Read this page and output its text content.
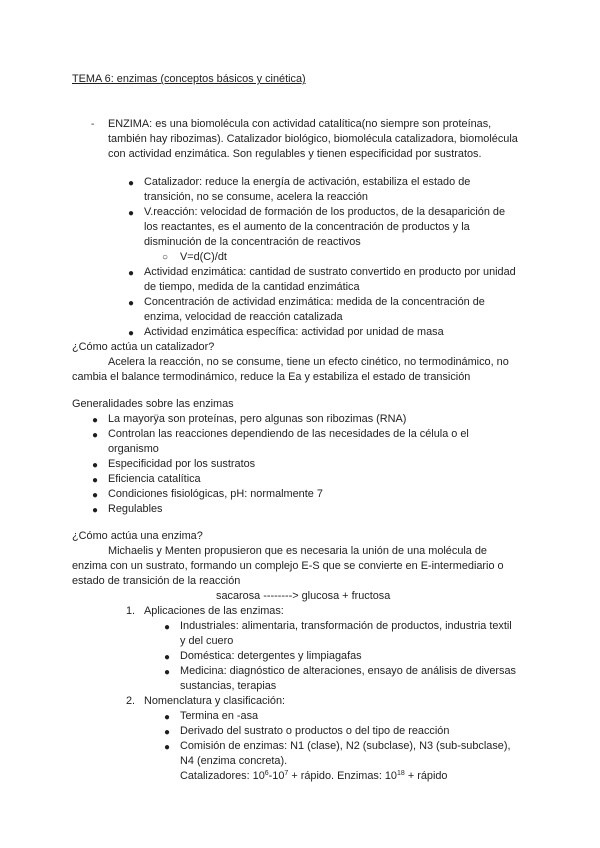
TEMA 6: enzimas (conceptos básicos y cinética)
- ENZIMA: es una biomolécula con actividad catalítica(no siempre son proteínas,
también hay ribozimas). Catalizador biológico, biomolécula catalizadora, biomolécula
con actividad enzimática. Son regulables y tienen especificidad por sustratos.
● Catalizador: reduce la energía de activación, estabiliza el estado de
transición, no se consume, acelera la reacción
● V.reacción: velocidad de formación de los productos, de la desaparición de
los reactantes, es el aumento de la concentración de productos y la
disminución de la concentración de reactivos
○ V=d(C)/dt
● Actividad enzimática: cantidad de sustrato convertido en producto por unidad
de tiempo, medida de la cantidad enzimática
● Concentración de actividad enzimática: medida de la concentración de
enzima, velocidad de reacción catalizada
● Actividad enzimática específica: actividad por unidad de masa
¿Cómo actúa un catalizador?
Acelera la reacción, no se consume, tiene un efecto cinético, no termodinámico, no
cambia el balance termodinámico, reduce la Ea y estabiliza el estado de transición
Generalidades sobre las enzimas
● La mayorÿa son proteínas, pero algunas son ribozimas (RNA)
● Controlan las reacciones dependiendo de las necesidades de la célula o el
organismo
● Especificidad por los sustratos
● Eficiencia catalítica
● Condiciones fisiológicas, pH: normalmente 7
● Regulables
¿Cómo actúa una enzima?
Michaelis y Menten propusieron que es necesaria la unión de una molécula de
enzima con un sustrato, formando un complejo E-S que se convierte en E-intermediario o
estado de transición de la reacción
sacarosa --------> glucosa + fructosa
1. Aplicaciones de las enzimas:
● Industriales: alimentaria, transformación de productos, industria textil
y del cuero
● Doméstica: detergentes y limpiagafas
● Medicina: diagnóstico de alteraciones, ensayo de análisis de diversas
sustancias, terapias
2. Nomenclatura y clasificación:
● Termina en -asa
● Derivado del sustrato o productos o del tipo de reacción
● Comisión de enzimas: N1 (clase), N2 (subclase), N3 (sub-subclase),
N4 (enzima concreta).
Catalizadores: $10^6-10^7$ + rápido. Enzimas: $10^{18}$ + rápido
